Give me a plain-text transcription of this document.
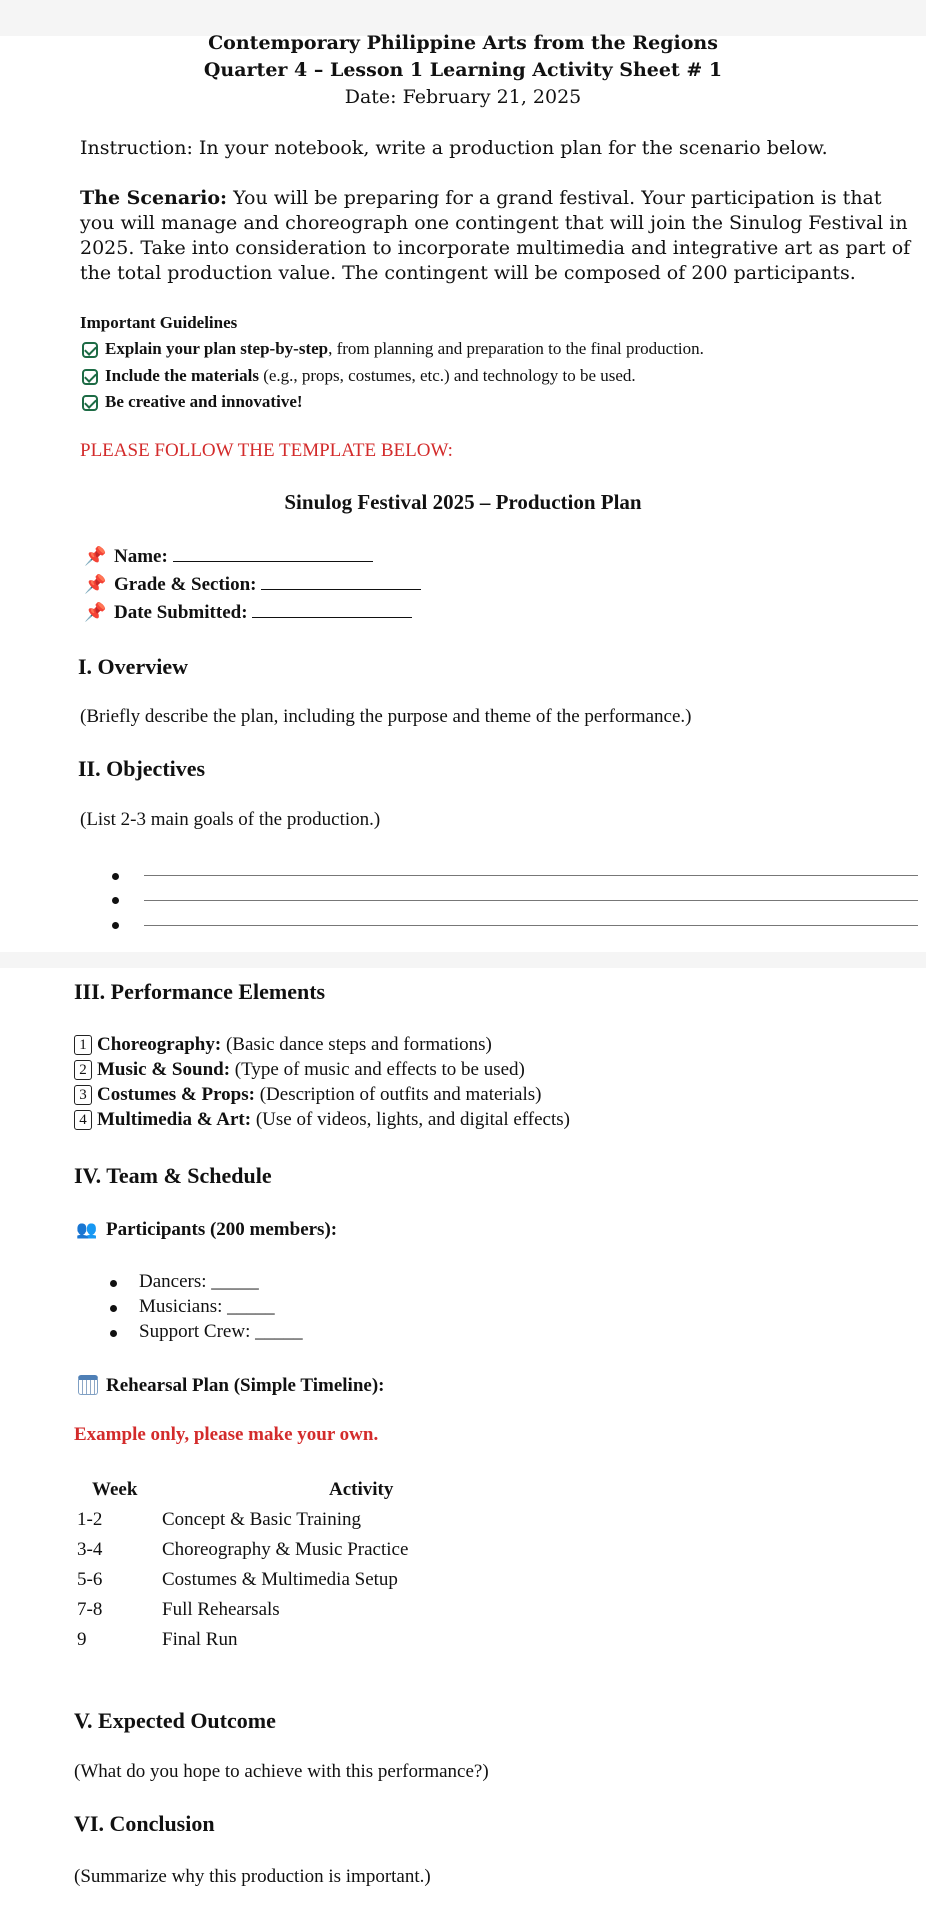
Contemporary Philippine Arts from the Regions
Quarter 4 – Lesson 1 Learning Activity Sheet # 1
Date: February 21, 2025
Instruction: In your notebook, write a production plan for the scenario below.
The Scenario: You will be preparing for a grand festival. Your participation is that you will manage and choreograph one contingent that will join the Sinulog Festival in 2025. Take into consideration to incorporate multimedia and integrative art as part of the total production value. The contingent will be composed of 200 participants.
Important Guidelines
Explain your plan step-by-step, from planning and preparation to the final production.
Include the materials (e.g., props, costumes, etc.) and technology to be used.
Be creative and innovative!
PLEASE FOLLOW THE TEMPLATE BELOW:
Sinulog Festival 2025 – Production Plan
📌 Name:
📌 Grade & Section:
📌 Date Submitted:
I. Overview
(Briefly describe the plan, including the purpose and theme of the performance.)
II. Objectives
(List 2-3 main goals of the production.)
III. Performance Elements
1 Choreography: (Basic dance steps and formations)
2 Music & Sound: (Type of music and effects to be used)
3 Costumes & Props: (Description of outfits and materials)
4 Multimedia & Art: (Use of videos, lights, and digital effects)
IV. Team & Schedule
👥 Participants (200 members):
Dancers: _____
Musicians: _____
Support Crew: _____
Rehearsal Plan (Simple Timeline):
Example only, please make your own.
Week	Activity
1-2	Concept & Basic Training
3-4	Choreography & Music Practice
5-6	Costumes & Multimedia Setup
7-8	Full Rehearsals
9	Final Run
V. Expected Outcome
(What do you hope to achieve with this performance?)
VI. Conclusion
(Summarize why this production is important.)
